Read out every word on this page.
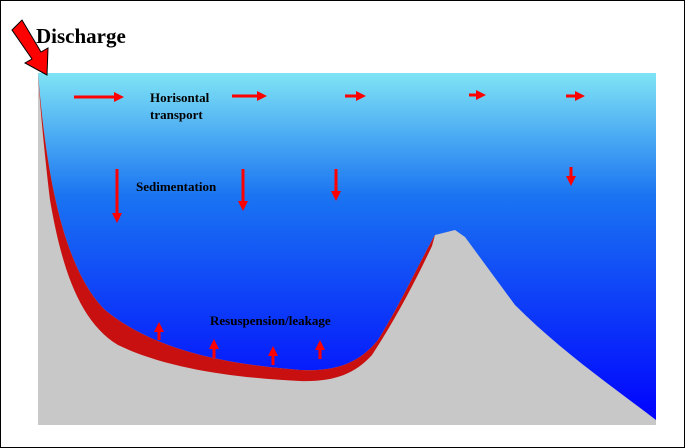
Discharge
Horisontal
transport
Sedimentation
Resuspension/leakage
